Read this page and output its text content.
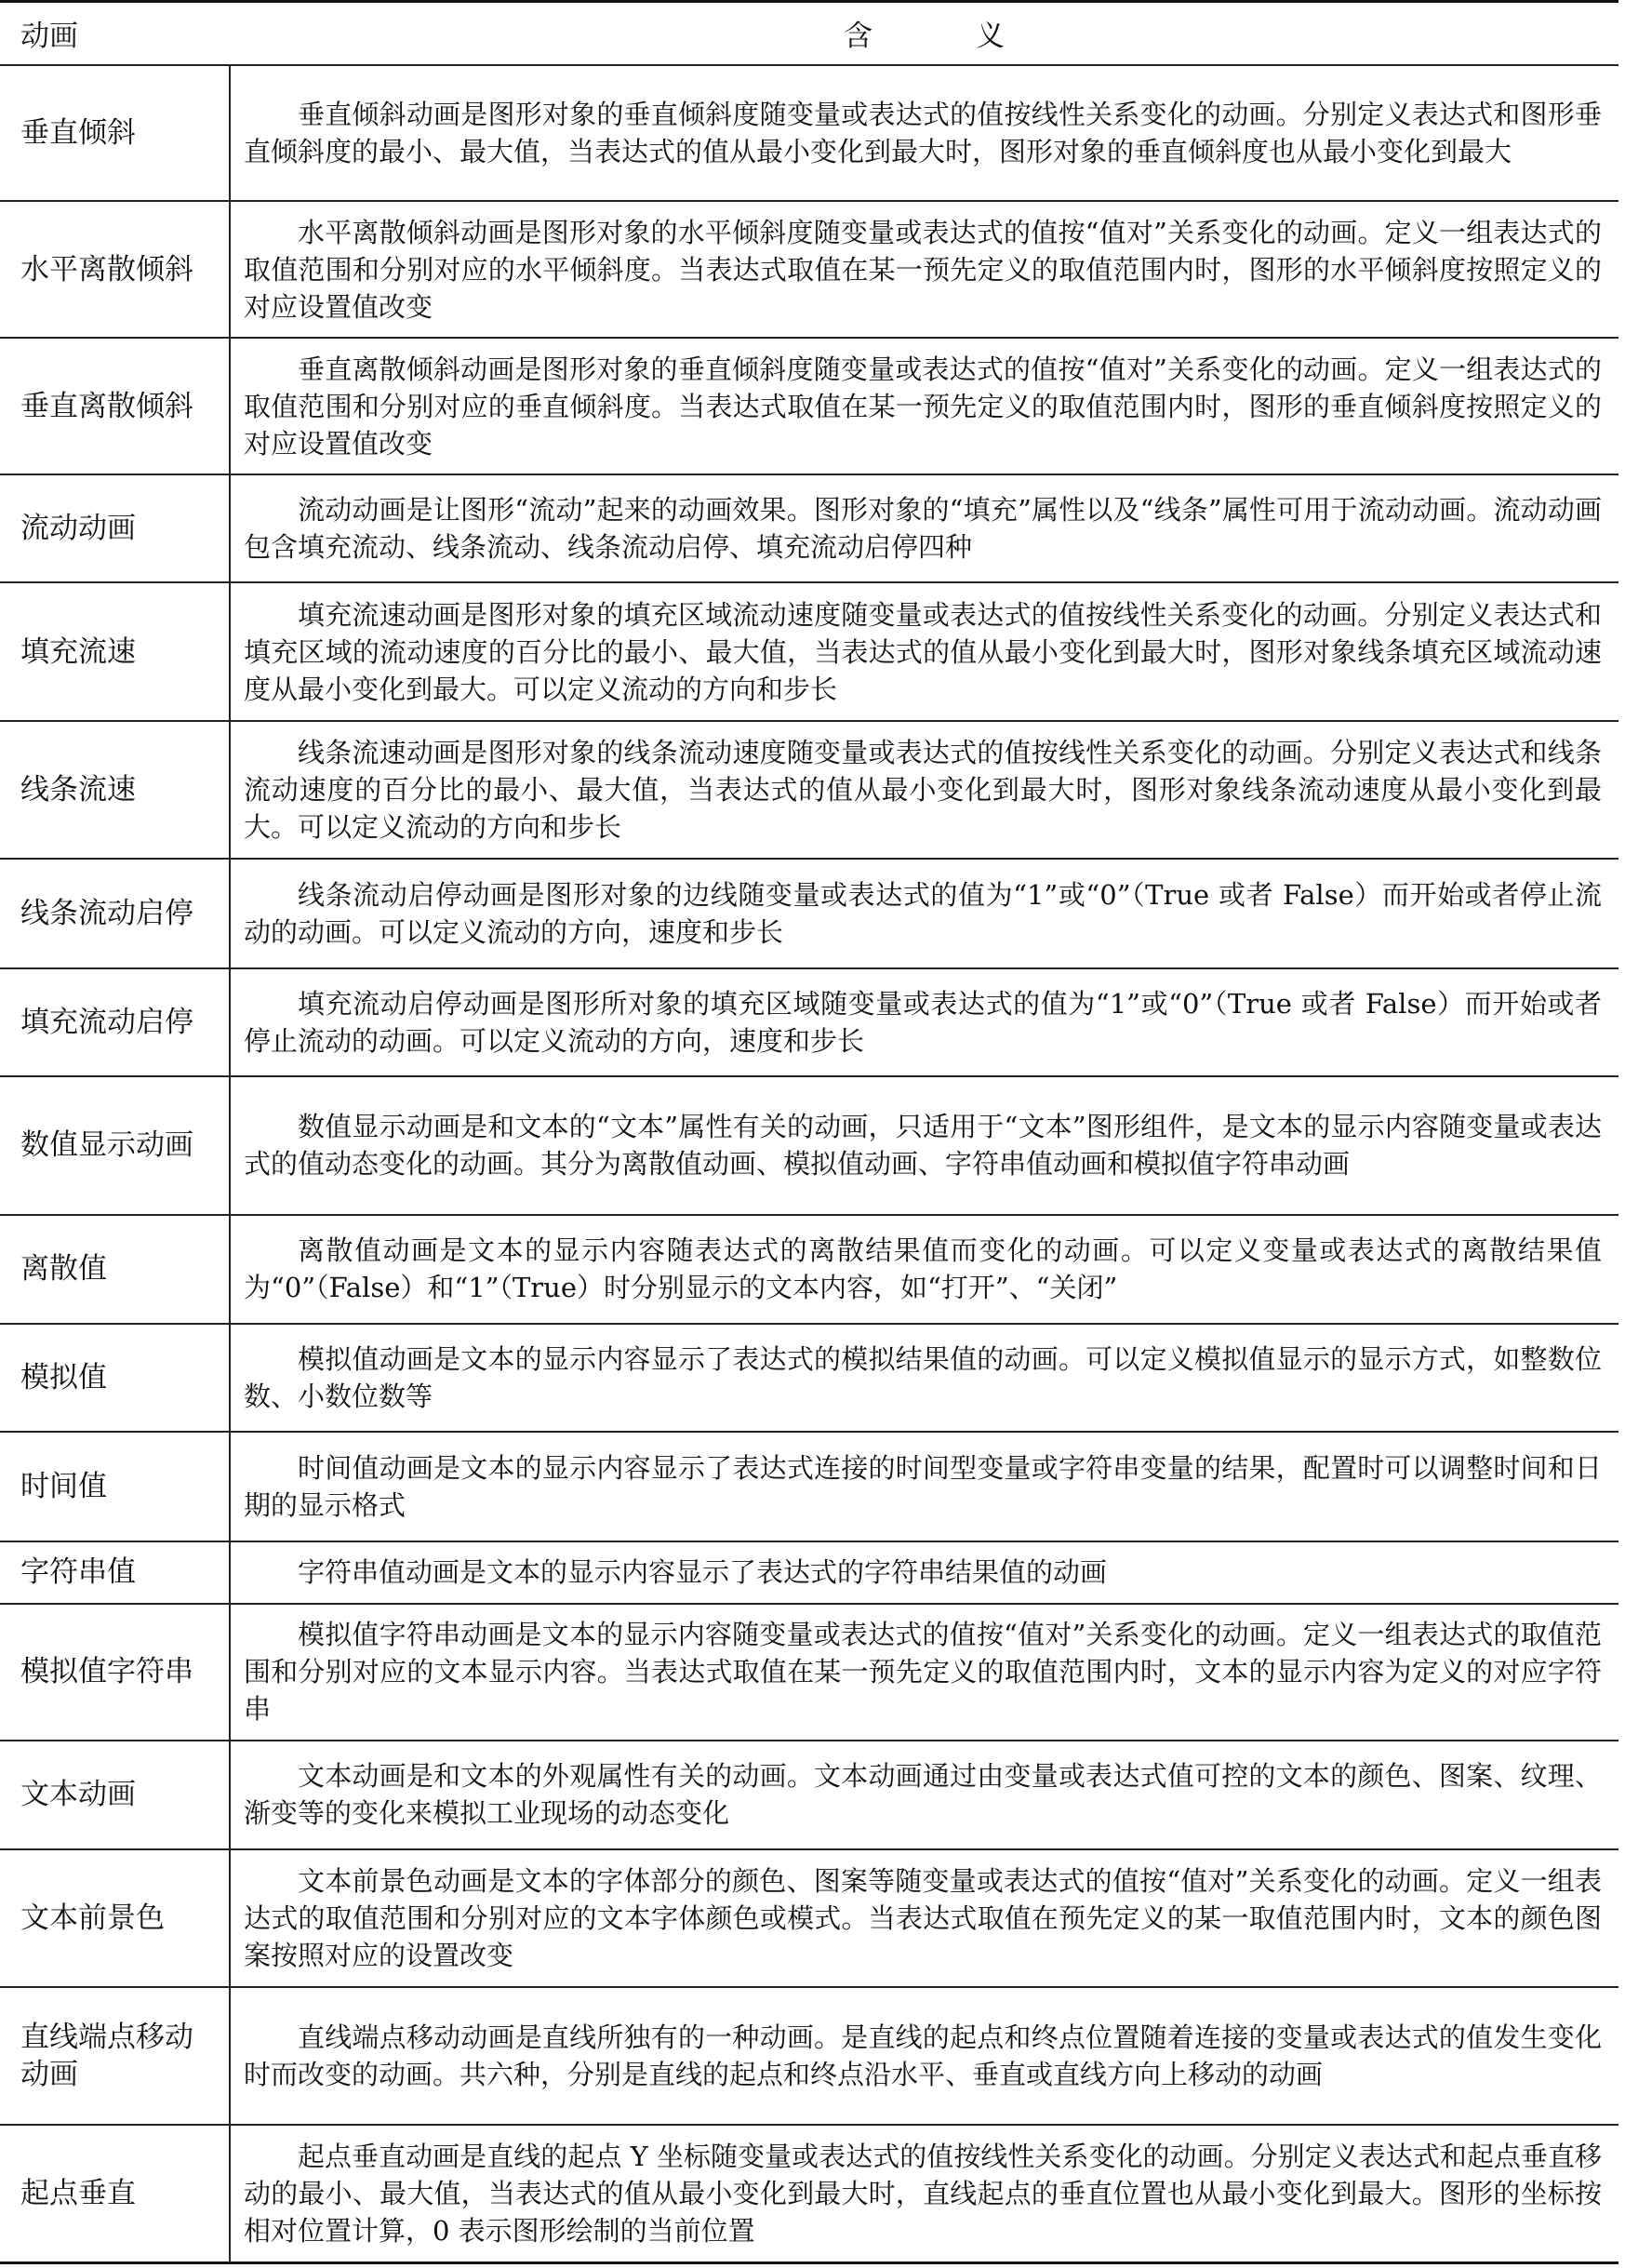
动画	含　义
垂直倾斜	垂直倾斜动画是图形对象的垂直倾斜度随变量或表达式的值按线性关系变化的动画。分别定义表达式和图形垂直倾斜度的最小、最大值，当表达式的值从最小变化到最大时，图形对象的垂直倾斜度也从最小变化到最大
水平离散倾斜	水平离散倾斜动画是图形对象的水平倾斜度随变量或表达式的值按“值对”关系变化的动画。定义一组表达式的取值范围和分别对应的水平倾斜度。当表达式取值在某一预先定义的取值范围内时，图形的水平倾斜度按照定义的对应设置值改变
垂直离散倾斜	垂直离散倾斜动画是图形对象的垂直倾斜度随变量或表达式的值按“值对”关系变化的动画。定义一组表达式的取值范围和分别对应的垂直倾斜度。当表达式取值在某一预先定义的取值范围内时，图形的垂直倾斜度按照定义的对应设置值改变
流动动画	流动动画是让图形“流动”起来的动画效果。图形对象的“填充”属性以及“线条”属性可用于流动动画。流动动画包含填充流动、线条流动、线条流动启停、填充流动启停四种
填充流速	填充流速动画是图形对象的填充区域流动速度随变量或表达式的值按线性关系变化的动画。分别定义表达式和填充区域的流动速度的百分比的最小、最大值，当表达式的值从最小变化到最大时，图形对象线条填充区域流动速度从最小变化到最大。可以定义流动的方向和步长
线条流速	线条流速动画是图形对象的线条流动速度随变量或表达式的值按线性关系变化的动画。分别定义表达式和线条流动速度的百分比的最小、最大值，当表达式的值从最小变化到最大时，图形对象线条流动速度从最小变化到最大。可以定义流动的方向和步长
线条流动启停	线条流动启停动画是图形对象的边线随变量或表达式的值为“1”或“0”（True 或者 False）而开始或者停止流动的动画。可以定义流动的方向，速度和步长
填充流动启停	填充流动启停动画是图形所对象的填充区域随变量或表达式的值为“1”或“0”（True 或者 False）而开始或者停止流动的动画。可以定义流动的方向，速度和步长
数值显示动画	数值显示动画是和文本的“文本”属性有关的动画，只适用于“文本”图形组件，是文本的显示内容随变量或表达式的值动态变化的动画。其分为离散值动画、模拟值动画、字符串值动画和模拟值字符串动画
离散值	离散值动画是文本的显示内容随表达式的离散结果值而变化的动画。可以定义变量或表达式的离散结果值为“0”（False）和“1”（True）时分别显示的文本内容，如“打开”、“关闭”
模拟值	模拟值动画是文本的显示内容显示了表达式的模拟结果值的动画。可以定义模拟值显示的显示方式，如整数位数、小数位数等
时间值	时间值动画是文本的显示内容显示了表达式连接的时间型变量或字符串变量的结果，配置时可以调整时间和日期的显示格式
字符串值	字符串值动画是文本的显示内容显示了表达式的字符串结果值的动画
模拟值字符串	模拟值字符串动画是文本的显示内容随变量或表达式的值按“值对”关系变化的动画。定义一组表达式的取值范围和分别对应的文本显示内容。当表达式取值在某一预先定义的取值范围内时，文本的显示内容为定义的对应字符串
文本动画	文本动画是和文本的外观属性有关的动画。文本动画通过由变量或表达式值可控的文本的颜色、图案、纹理、渐变等的变化来模拟工业现场的动态变化
文本前景色	文本前景色动画是文本的字体部分的颜色、图案等随变量或表达式的值按“值对”关系变化的动画。定义一组表达式的取值范围和分别对应的文本字体颜色或模式。当表达式取值在预先定义的某一取值范围内时，文本的颜色图案按照对应的设置改变
直线端点移动动画	直线端点移动动画是直线所独有的一种动画。是直线的起点和终点位置随着连接的变量或表达式的值发生变化时而改变的动画。共六种，分别是直线的起点和终点沿水平、垂直或直线方向上移动的动画
起点垂直	起点垂直动画是直线的起点 Y 坐标随变量或表达式的值按线性关系变化的动画。分别定义表达式和起点垂直移动的最小、最大值，当表达式的值从最小变化到最大时，直线起点的垂直位置也从最小变化到最大。图形的坐标按相对位置计算，0 表示图形绘制的当前位置
